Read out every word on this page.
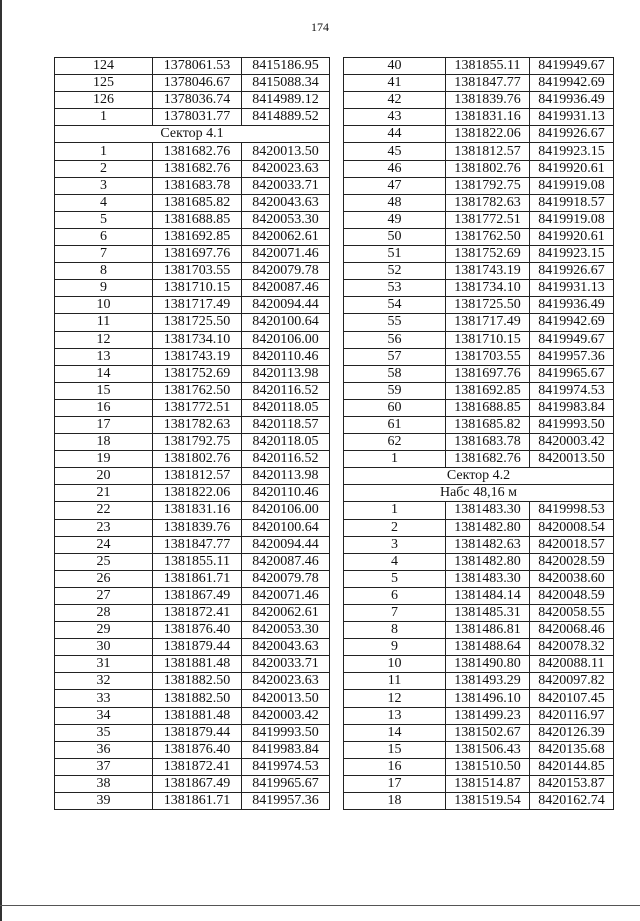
174
124	1378061.53	8415186.95
125	1378046.67	8415088.34
126	1378036.74	8414989.12
1	1378031.77	8414889.52
Сектор 4.1		
1	1381682.76	8420013.50
2	1381682.76	8420023.63
3	1381683.78	8420033.71
4	1381685.82	8420043.63
5	1381688.85	8420053.30
6	1381692.85	8420062.61
7	1381697.76	8420071.46
8	1381703.55	8420079.78
9	1381710.15	8420087.46
10	1381717.49	8420094.44
11	1381725.50	8420100.64
12	1381734.10	8420106.00
13	1381743.19	8420110.46
14	1381752.69	8420113.98
15	1381762.50	8420116.52
16	1381772.51	8420118.05
17	1381782.63	8420118.57
18	1381792.75	8420118.05
19	1381802.76	8420116.52
20	1381812.57	8420113.98
21	1381822.06	8420110.46
22	1381831.16	8420106.00
23	1381839.76	8420100.64
24	1381847.77	8420094.44
25	1381855.11	8420087.46
26	1381861.71	8420079.78
27	1381867.49	8420071.46
28	1381872.41	8420062.61
29	1381876.40	8420053.30
30	1381879.44	8420043.63
31	1381881.48	8420033.71
32	1381882.50	8420023.63
33	1381882.50	8420013.50
34	1381881.48	8420003.42
35	1381879.44	8419993.50
36	1381876.40	8419983.84
37	1381872.41	8419974.53
38	1381867.49	8419965.67
39	1381861.71	8419957.36
40	1381855.11	8419949.67
41	1381847.77	8419942.69
42	1381839.76	8419936.49
43	1381831.16	8419931.13
44	1381822.06	8419926.67
45	1381812.57	8419923.15
46	1381802.76	8419920.61
47	1381792.75	8419919.08
48	1381782.63	8419918.57
49	1381772.51	8419919.08
50	1381762.50	8419920.61
51	1381752.69	8419923.15
52	1381743.19	8419926.67
53	1381734.10	8419931.13
54	1381725.50	8419936.49
55	1381717.49	8419942.69
56	1381710.15	8419949.67
57	1381703.55	8419957.36
58	1381697.76	8419965.67
59	1381692.85	8419974.53
60	1381688.85	8419983.84
61	1381685.82	8419993.50
62	1381683.78	8420003.42
1	1381682.76	8420013.50
Сектор 4.2		
Набс 48,16 м		
1	1381483.30	8419998.53
2	1381482.80	8420008.54
3	1381482.63	8420018.57
4	1381482.80	8420028.59
5	1381483.30	8420038.60
6	1381484.14	8420048.59
7	1381485.31	8420058.55
8	1381486.81	8420068.46
9	1381488.64	8420078.32
10	1381490.80	8420088.11
11	1381493.29	8420097.82
12	1381496.10	8420107.45
13	1381499.23	8420116.97
14	1381502.67	8420126.39
15	1381506.43	8420135.68
16	1381510.50	8420144.85
17	1381514.87	8420153.87
18	1381519.54	8420162.74
